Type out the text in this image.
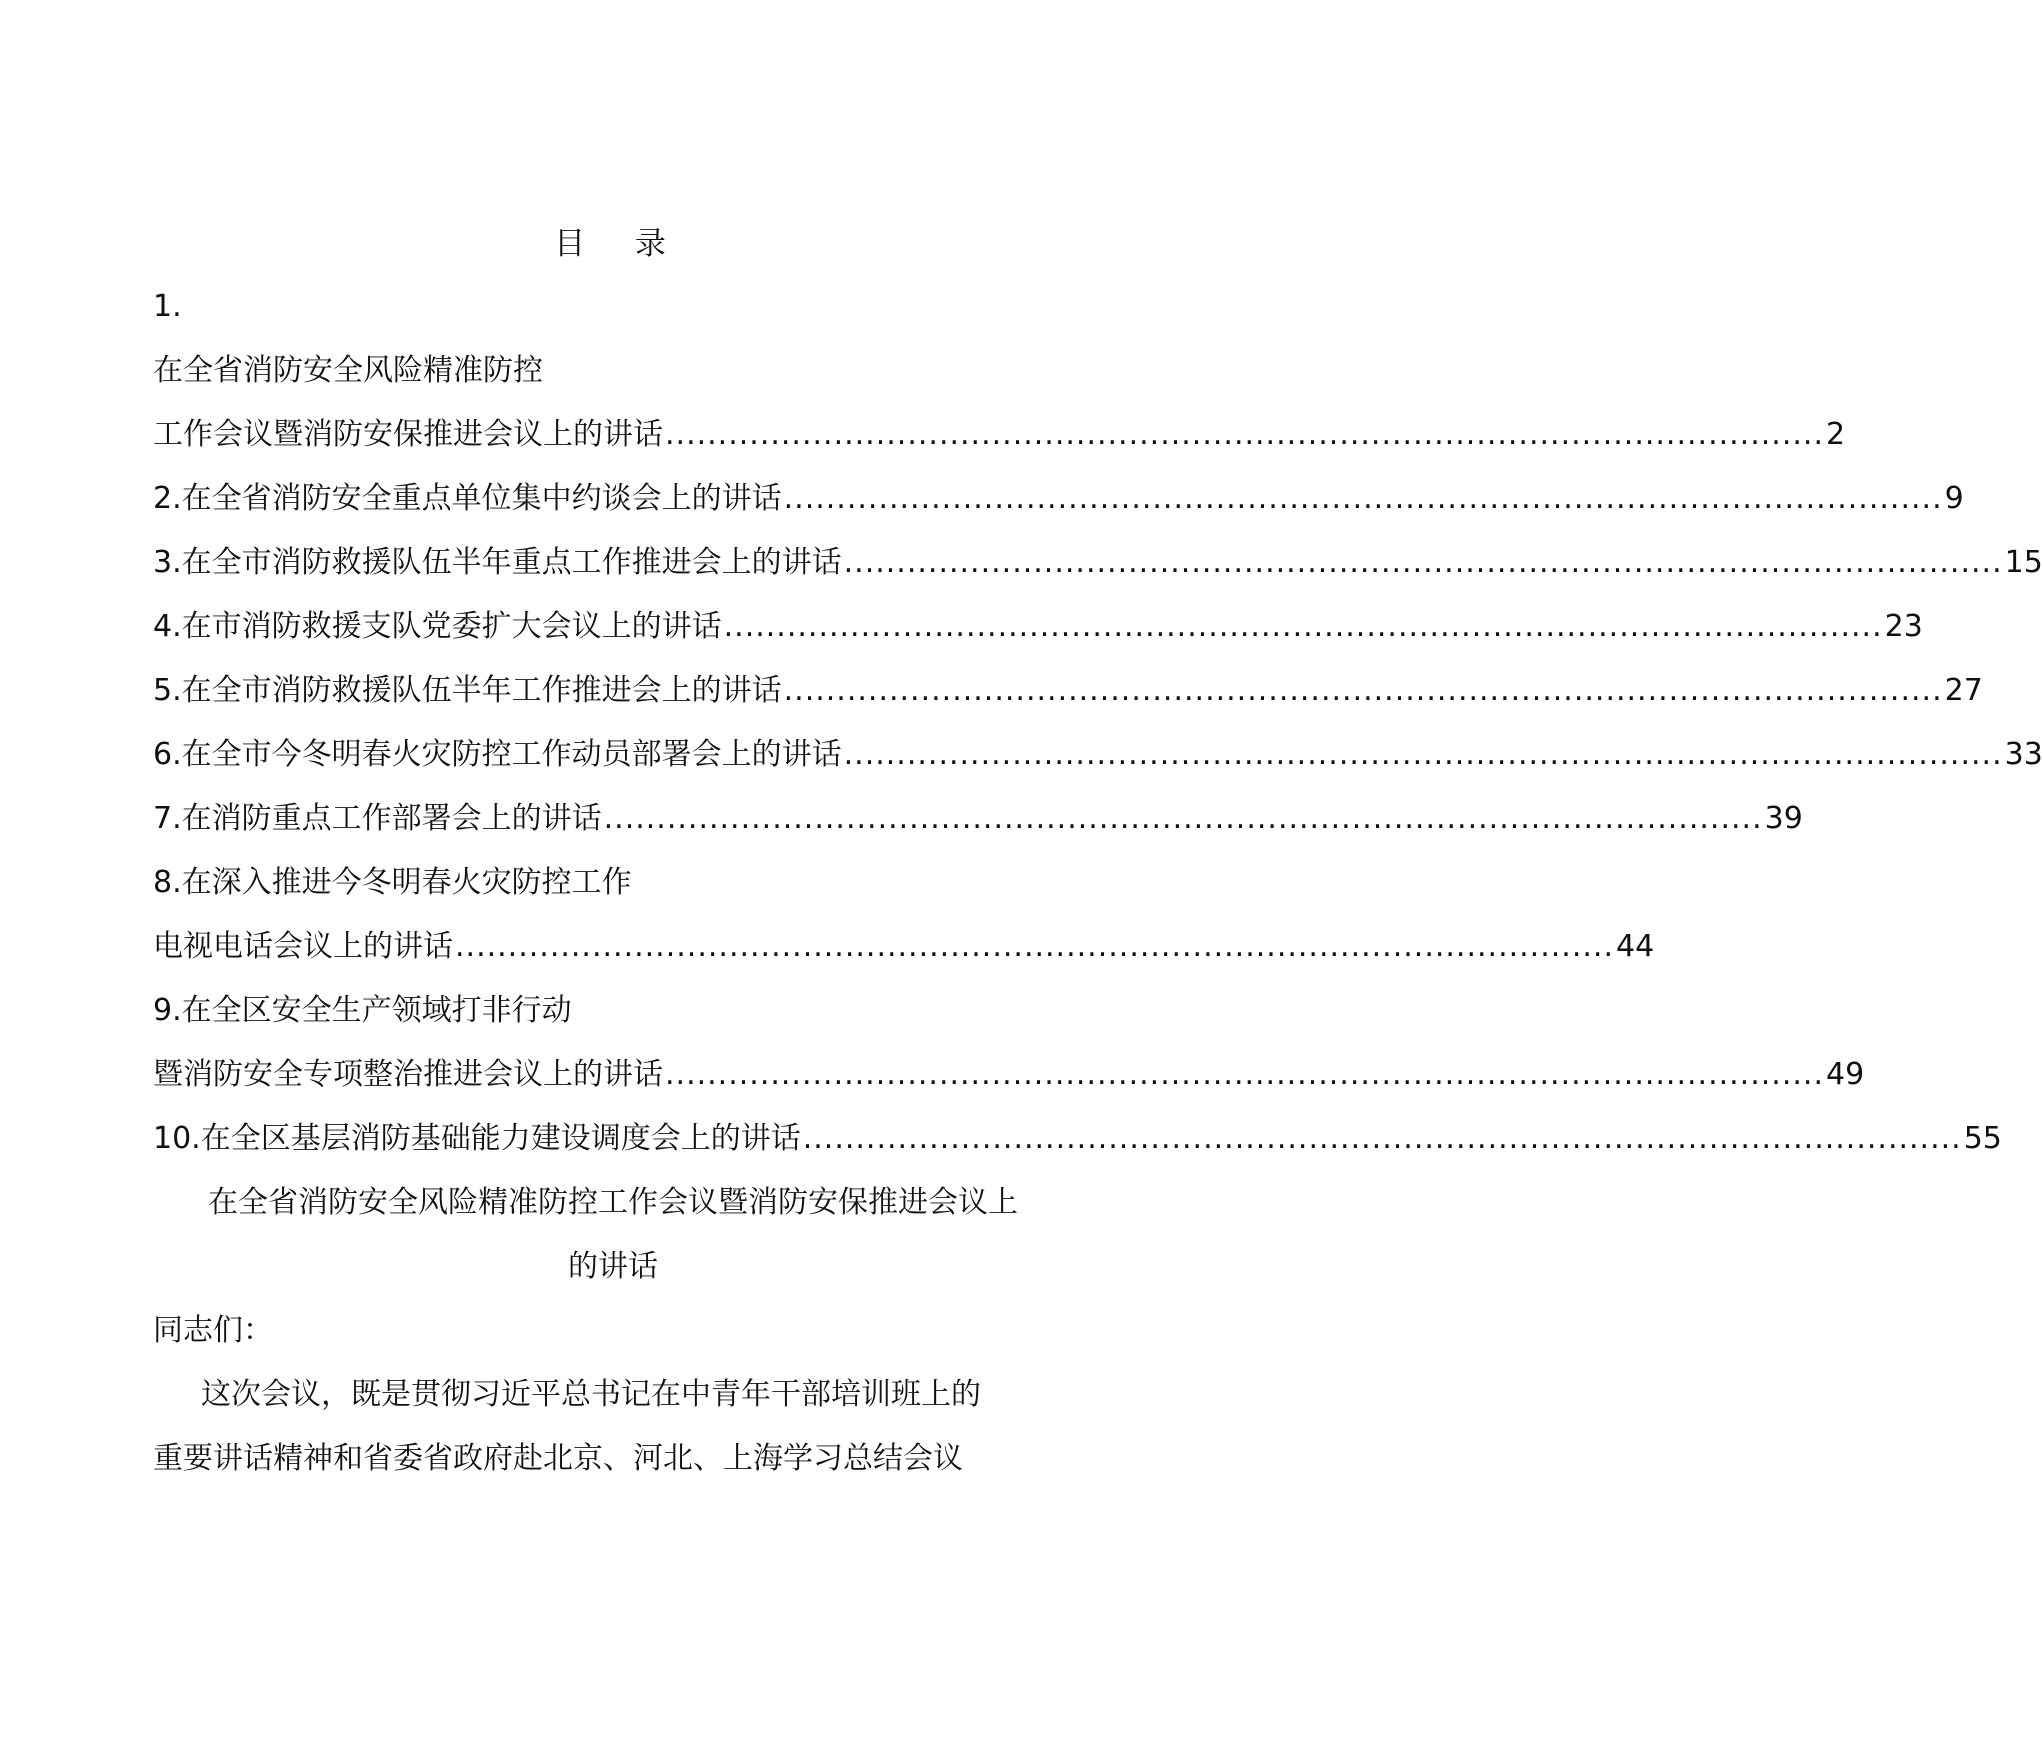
目 录
1.
在全省消防安全风险精准防控
工作会议暨消防安保推进会议上的讲话 .............................................................................................................. 2
2.在全省消防安全重点单位集中约谈会上的讲话 .............................................................................................................. 9
3.在全市消防救援队伍半年重点工作推进会上的讲话 .............................................................................................................. 15
4.在市消防救援支队党委扩大会议上的讲话 .............................................................................................................. 23
5.在全市消防救援队伍半年工作推进会上的讲话 .............................................................................................................. 27
6.在全市今冬明春火灾防控工作动员部署会上的讲话 .............................................................................................................. 33
7.在消防重点工作部署会上的讲话 .............................................................................................................. 39
8.在深入推进今冬明春火灾防控工作
电视电话会议上的讲话 .............................................................................................................. 44
9.在全区安全生产领域打非行动
暨消防安全专项整治推进会议上的讲话 .............................................................................................................. 49
10.在全区基层消防基础能力建设调度会上的讲话 .............................................................................................................. 55
在全省消防安全风险精准防控工作会议暨消防安保推进会议上
的讲话
同志们：
这次会议，既是贯彻习近平总书记在中青年干部培训班上的
重要讲话精神和省委省政府赴北京、河北、上海学习总结会议
